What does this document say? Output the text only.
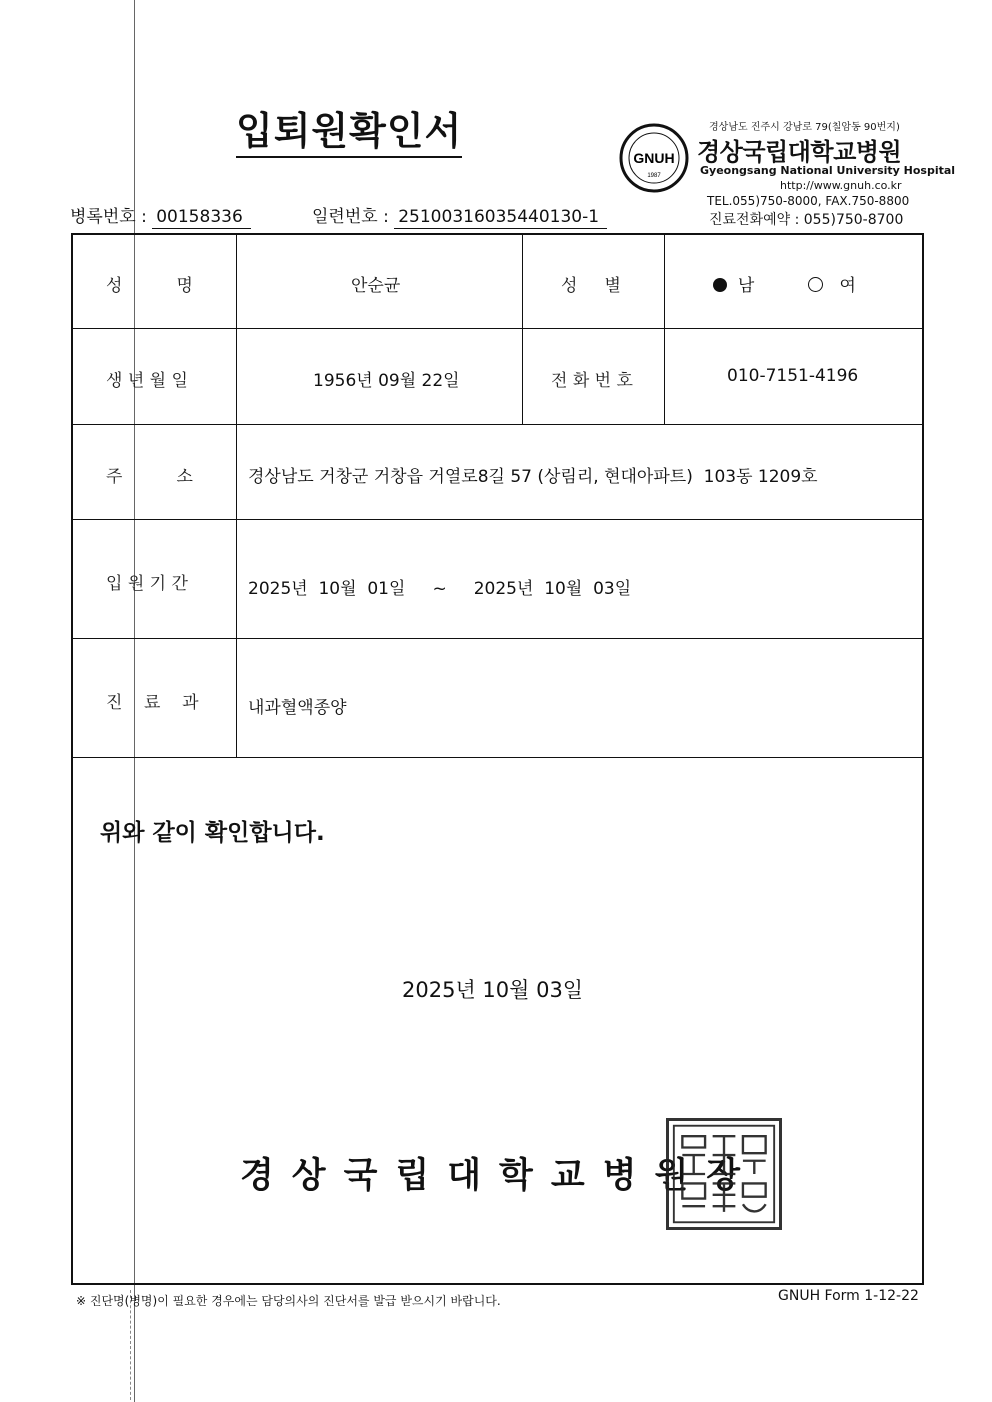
입퇴원확인서
병록번호 : 00158336	일련번호 : 25100316035440130-1
경상남도 진주시 강남로 79(칠암동 90번지)
GNUH
1987
경상국립대학교병원
Gyeongsang National University Hospital
http://www.gnuh.co.kr
TEL.055)750-8000, FAX.750-8800
진료전화예약 : 055)750-8700
성          명	안순균	성     별	남	여
생 년 월 일	1956년 09월 22일	전 화 번 호	010-7151-4196
주          소	경상남도 거창군 거창읍 거열로8길 57 (상림리, 현대아파트)  103동 1209호
입 원 기 간	2025년  10월  01일 ~ 2025년  10월  03일
진    료    과	내과혈액종양
위와 같이 확인합니다.
2025년 10월 03일
경상국립대학교병원장
※ 진단명(병명)이 필요한 경우에는 담당의사의 진단서를 발급 받으시기 바랍니다.	GNUH Form 1-12-22
